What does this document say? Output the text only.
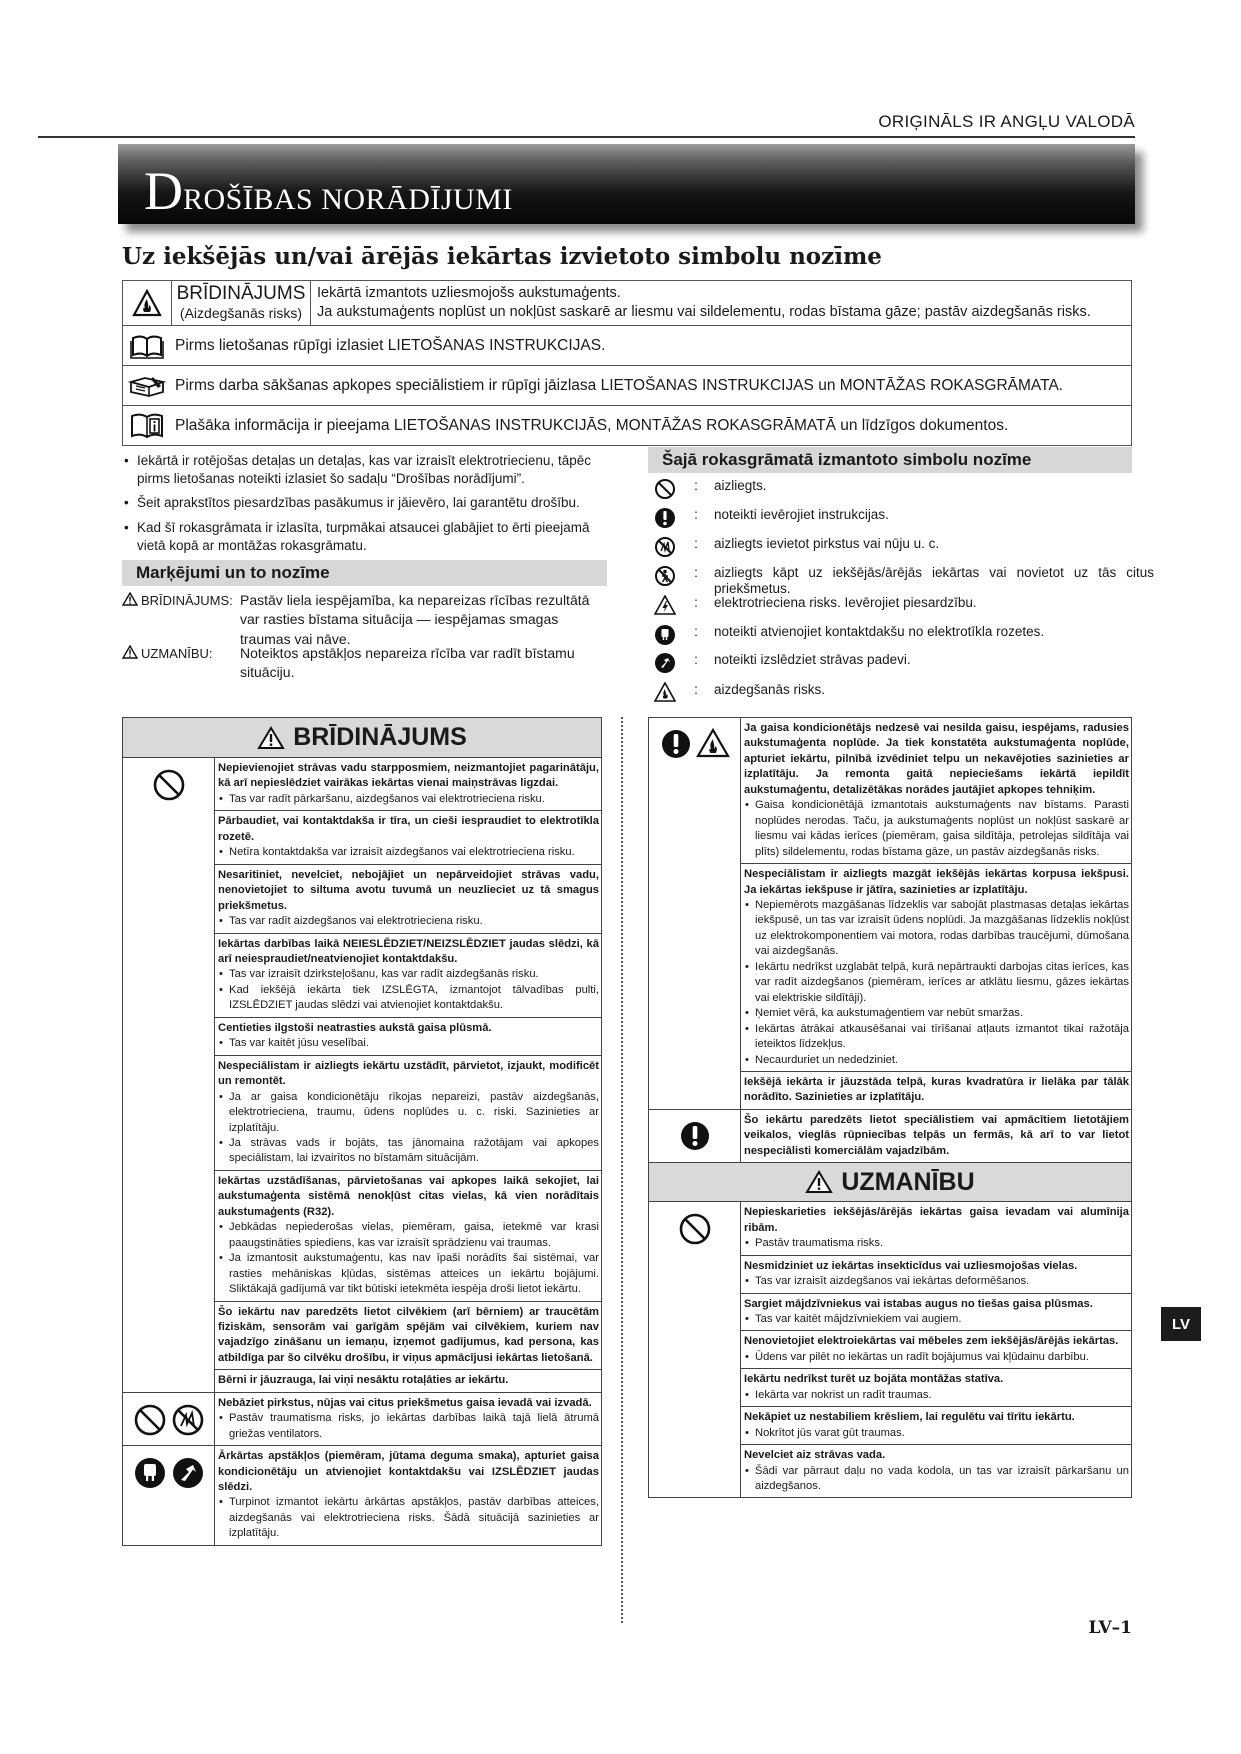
ORIĢINĀLS IR ANGĻU VALODĀ
DROŠĪBAS NORĀDĪJUMI
Uz iekšējās un/vai ārējās iekārtas izvietoto simbolu nozīme
BRĪDINĀJUMS
(Aizdegšanās risks)
Iekārtā izmantots uzliesmojošs aukstumaģents.
Ja aukstumaģents noplūst un nokļūst saskarē ar liesmu vai sildelementu, rodas bīstama gāze; pastāv aizdegšanās risks.
Pirms lietošanas rūpīgi izlasiet LIETOŠANAS INSTRUKCIJAS.
Pirms darba sākšanas apkopes speciālistiem ir rūpīgi jāizlasa LIETOŠANAS INSTRUKCIJAS un MONTĀŽAS ROKASGRĀMATA.
Plašāka informācija ir pieejama LIETOŠANAS INSTRUKCIJĀS, MONTĀŽAS ROKASGRĀMATĀ un līdzīgos dokumentos.
• Iekārtā ir rotējošas detaļas un detaļas, kas var izraisīt elektrotriecienu, tāpēc pirms lietošanas noteikti izlasiet šo sadaļu “Drošības norādījumi”.
• Šeit aprakstītos piesardzības pasākumus ir jāievēro, lai garantētu drošību.
• Kad šī rokasgrāmata ir izlasīta, turpmākai atsaucei glabājiet to ērti pieejamā vietā kopā ar montāžas rokasgrāmatu.
Marķējumi un to nozīme
BRĪDINĀJUMS: Pastāv liela iespējamība, ka nepareizas rīcības rezultātā var rasties bīstama situācija — iespējamas smagas traumas vai nāve.
UZMANĪBU: Noteiktos apstākļos nepareiza rīcība var radīt bīstamu situāciju.
Šajā rokasgrāmatā izmantoto simbolu nozīme
:	aizliegts.
:	noteikti ievērojiet instrukcijas.
:	aizliegts ievietot pirkstus vai nūju u. c.
:	aizliegts kāpt uz iekšējās/ārējās iekārtas vai novietot uz tās citus priekšmetus.
:	elektrotrieciena risks. Ievērojiet piesardzību.
:	noteikti atvienojiet kontaktdakšu no elektrotīkla rozetes.
:	noteikti izslēdziet strāvas padevi.
:	aizdegšanās risks.
BRĪDINĀJUMS
Nepievienojiet strāvas vadu starpposmiem, neizmantojiet pagarinātāju, kā arī nepieslēdziet vairākas iekārtas vienai maiņstrāvas ligzdai.
• Tas var radīt pārkaršanu, aizdegšanos vai elektrotrieciena risku.
Pārbaudiet, vai kontaktdakša ir tīra, un cieši iespraudiet to elektrotīkla rozetē.
• Netīra kontaktdakša var izraisīt aizdegšanos vai elektrotrieciena risku.
Nesaritiniet, nevelciet, nebojājiet un nepārveidojiet strāvas vadu, nenovietojiet to siltuma avotu tuvumā un neuzlieciet uz tā smagus priekšmetus.
• Tas var radīt aizdegšanos vai elektrotrieciena risku.
Iekārtas darbības laikā NEIESLĒDZIET/NEIZSLĒDZIET jaudas slēdzi, kā arī neiespraudiet/neatvienojiet kontaktdakšu.
• Tas var izraisīt dzirksteļošanu, kas var radīt aizdegšanās risku.
• Kad iekšējā iekārta tiek IZSLĒGTA, izmantojot tālvadības pulti, IZSLĒDZIET jaudas slēdzi vai atvienojiet kontaktdakšu.
Centieties ilgstoši neatrasties aukstā gaisa plūsmā.
• Tas var kaitēt jūsu veselībai.
Nespeciālistam ir aizliegts iekārtu uzstādīt, pārvietot, izjaukt, modificēt un remontēt.
• Ja ar gaisa kondicionētāju rīkojas nepareizi, pastāv aizdegšanās, elektrotrieciena, traumu, ūdens noplūdes u. c. riski. Sazinieties ar izplatītāju.
• Ja strāvas vads ir bojāts, tas jānomaina ražotājam vai apkopes speciālistam, lai izvairītos no bīstamām situācijām.
Iekārtas uzstādīšanas, pārvietošanas vai apkopes laikā sekojiet, lai aukstumaģenta sistēmā nenokļūst citas vielas, kā vien norādītais aukstumaģents (R32).
• Jebkādas nepiederošas vielas, piemēram, gaisa, ietekmē var krasi paaugstināties spiediens, kas var izraisīt sprādzienu vai traumas.
• Ja izmantosit aukstumaģentu, kas nav īpaši norādīts šai sistēmai, var rasties mehāniskas kļūdas, sistēmas atteices un iekārtu bojājumi. Sliktākajā gadījumā var tikt būtiski ietekmēta iespēja droši lietot iekārtu.
Šo iekārtu nav paredzēts lietot cilvēkiem (arī bērniem) ar traucētām fiziskām, sensorām vai garīgām spējām vai cilvēkiem, kuriem nav vajadzīgo zināšanu un iemaņu, izņemot gadījumus, kad persona, kas atbildīga par šo cilvēku drošību, ir viņus apmācījusi iekārtas lietošanā.
Bērni ir jāuzrauga, lai viņi nesāktu rotaļāties ar iekārtu.
Nebāziet pirkstus, nūjas vai citus priekšmetus gaisa ievadā vai izvadā.
• Pastāv traumatisma risks, jo iekārtas darbības laikā tajā lielā ātrumā griežas ventilators.
Ārkārtas apstākļos (piemēram, jūtama deguma smaka), apturiet gaisa kondicionētāju un atvienojiet kontaktdakšu vai IZSLĒDZIET jaudas slēdzi.
• Turpinot izmantot iekārtu ārkārtas apstākļos, pastāv darbības atteices, aizdegšanās vai elektrotrieciena risks. Šādā situācijā sazinieties ar izplatītāju.
Ja gaisa kondicionētājs nedzesē vai nesilda gaisu, iespējams, radusies aukstumaģenta noplūde. Ja tiek konstatēta aukstumaģenta noplūde, apturiet iekārtu, pilnībā izvēdiniet telpu un nekavējoties sazinieties ar izplatītāju. Ja remonta gaitā nepieciešams iekārtā iepildīt aukstumaģentu, detalizētākas norādes jautājiet apkopes tehniķim.
• Gaisa kondicionētājā izmantotais aukstumaģents nav bīstams. Parasti noplūdes nerodas. Taču, ja aukstumaģents noplūst un nokļūst saskarē ar liesmu vai kādas ierīces (piemēram, gaisa sildītāja, petrolejas sildītāja vai plīts) sildelementu, rodas bīstama gāze, un pastāv aizdegšanās risks.
Nespeciālistam ir aizliegts mazgāt iekšējās iekārtas korpusa iekšpusi. Ja iekārtas iekšpuse ir jātīra, sazinieties ar izplatītāju.
• Nepiemērots mazgāšanas līdzeklis var sabojāt plastmasas detaļas iekārtas iekšpusē, un tas var izraisīt ūdens noplūdi. Ja mazgāšanas līdzeklis nokļūst uz elektrokomponentiem vai motora, rodas darbības traucējumi, dūmošana vai aizdegšanās.
• Iekārtu nedrīkst uzglabāt telpā, kurā nepārtraukti darbojas citas ierīces, kas var radīt aizdegšanos (piemēram, ierīces ar atklātu liesmu, gāzes iekārtas vai elektriskie sildītāji).
• Ņemiet vērā, ka aukstumaģentiem var nebūt smaržas.
• Iekārtas ātrākai atkausēšanai vai tīrīšanai atļauts izmantot tikai ražotāja ieteiktos līdzekļus.
• Necaurduriet un nededziniet.
Iekšējā iekārta ir jāuzstāda telpā, kuras kvadratūra ir lielāka par tālāk norādīto. Sazinieties ar izplatītāju.
Šo iekārtu paredzēts lietot speciālistiem vai apmācītiem lietotājiem veikalos, vieglās rūpniecības telpās un fermās, kā arī to var lietot nespeciālisti komerciālām vajadzībām.
UZMANĪBU
Nepieskarieties iekšējās/ārējās iekārtas gaisa ievadam vai alumīnija ribām.
• Pastāv traumatisma risks.
Nesmidziniet uz iekārtas insekticīdus vai uzliesmojošas vielas.
• Tas var izraisīt aizdegšanos vai iekārtas deformēšanos.
Sargiet mājdzīvniekus vai istabas augus no tiešas gaisa plūsmas.
• Tas var kaitēt mājdzīvniekiem vai augiem.
Nenovietojiet elektroiekārtas vai mēbeles zem iekšējās/ārējās iekārtas.
• Ūdens var pilēt no iekārtas un radīt bojājumus vai kļūdainu darbību.
Iekārtu nedrīkst turēt uz bojāta montāžas statīva.
• Iekārta var nokrist un radīt traumas.
Nekāpiet uz nestabiliem krēsliem, lai regulētu vai tīrītu iekārtu.
• Nokrītot jūs varat gūt traumas.
Nevelciet aiz strāvas vada.
• Šādi var pārraut daļu no vada kodola, un tas var izraisīt pārkaršanu un aizdegšanos.
LV
LV–1
